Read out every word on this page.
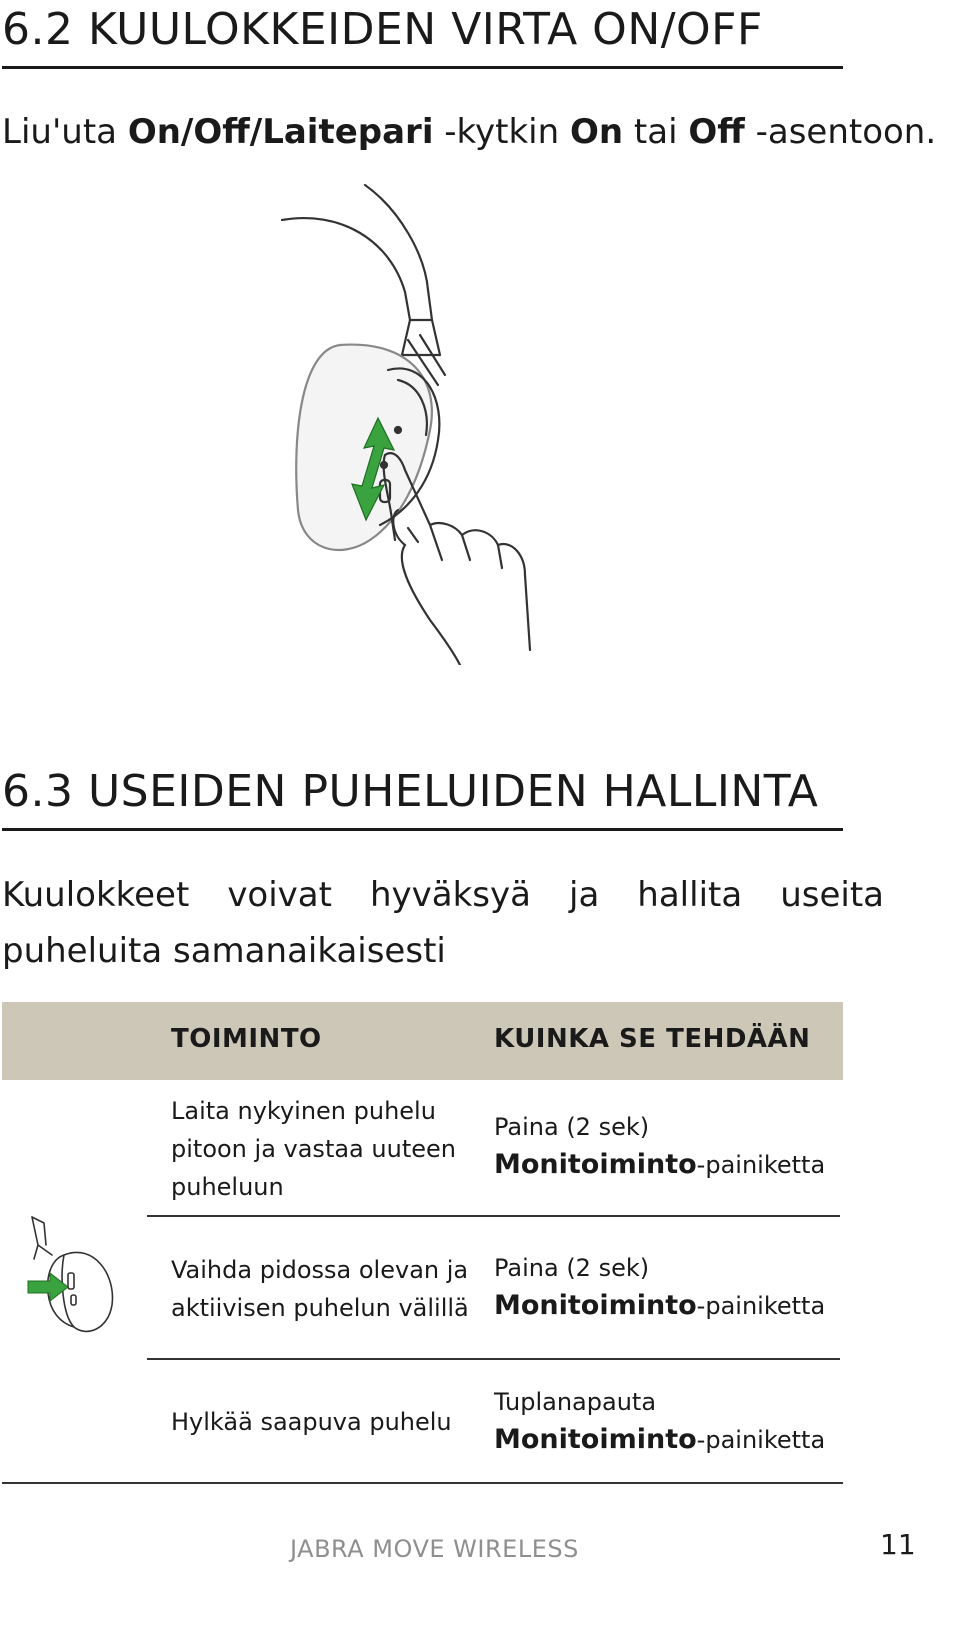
6.2 KUULOKKEIDEN VIRTA ON/OFF
Liu'uta On/Off/Laitepari -kytkin On tai Off -asentoon.
6.3 USEIDEN PUHELUIDEN HALLINTA
Kuulokkeet voivat hyväksyä ja hallita useita
puheluita samanaikaisesti
TOIMINTO	KUINKA SE TEHDÄÄN
Laita nykyinen puhelu
pitoon ja vastaa uuteen
puheluun
Paina (2 sek)
Monitoiminto-painiketta
Vaihda pidossa olevan ja
aktiivisen puhelun välillä
Paina (2 sek)
Monitoiminto-painiketta
Hylkää saapuva puhelu
Tuplanapauta
Monitoiminto-painiketta
JABRA MOVE WIRELESS	11
